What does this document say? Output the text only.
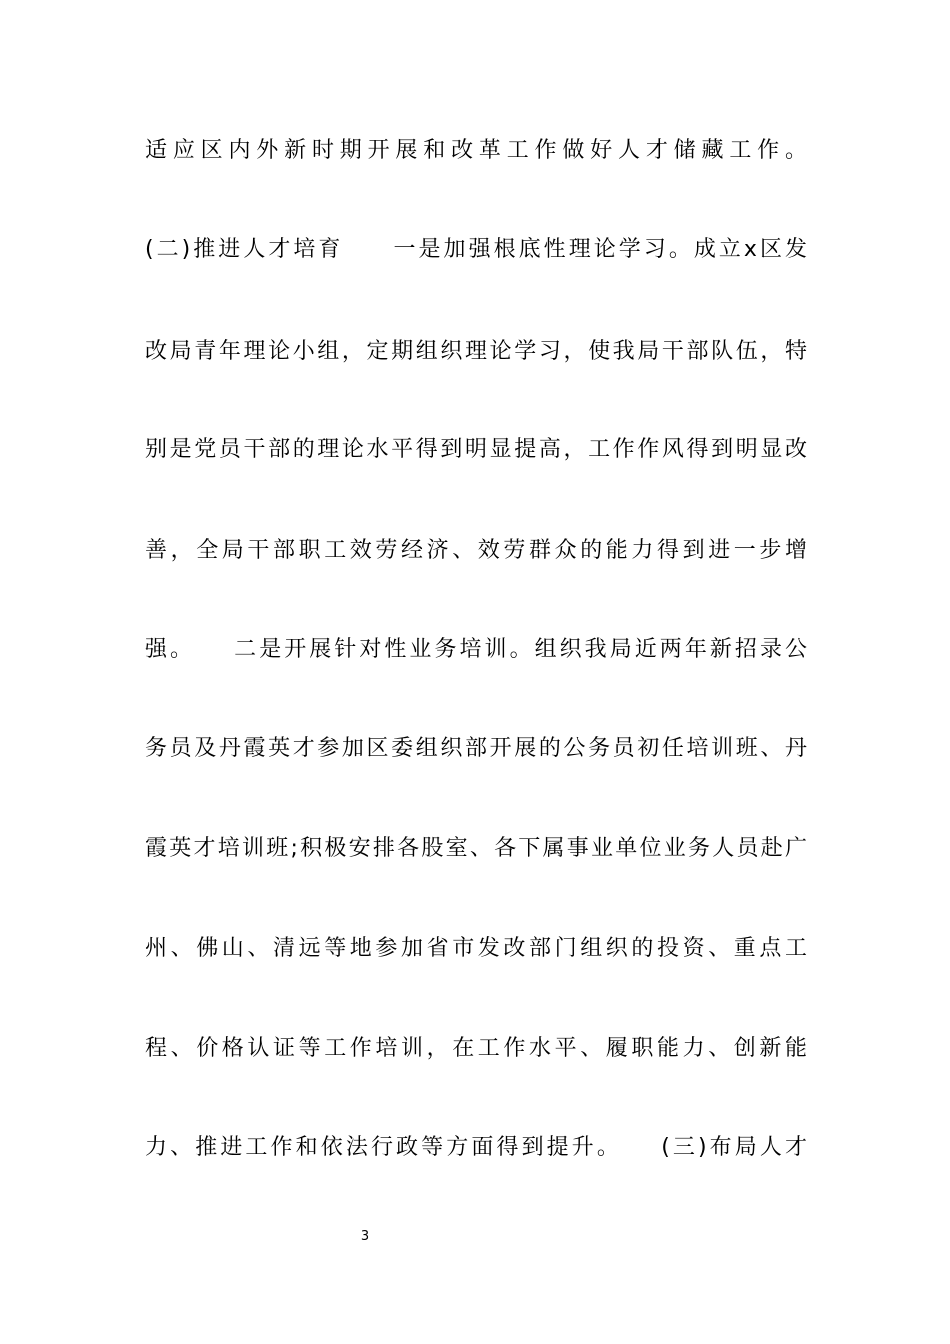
适应区内外新时期开展和改革工作做好人才储藏工作。
(二)推进人才培育　　一是加强根底性理论学习。成立x区发
改局青年理论小组，定期组织理论学习，使我局干部队伍，特
别是党员干部的理论水平得到明显提高，工作作风得到明显改
善，全局干部职工效劳经济、效劳群众的能力得到进一步增
强。　　二是开展针对性业务培训。组织我局近两年新招录公
务员及丹霞英才参加区委组织部开展的公务员初任培训班、丹
霞英才培训班;积极安排各股室、各下属事业单位业务人员赴广
州、佛山、清远等地参加省市发改部门组织的投资、重点工
程、价格认证等工作培训，在工作水平、履职能力、创新能
力、推进工作和依法行政等方面得到提升。　　(三)布局人才
3
